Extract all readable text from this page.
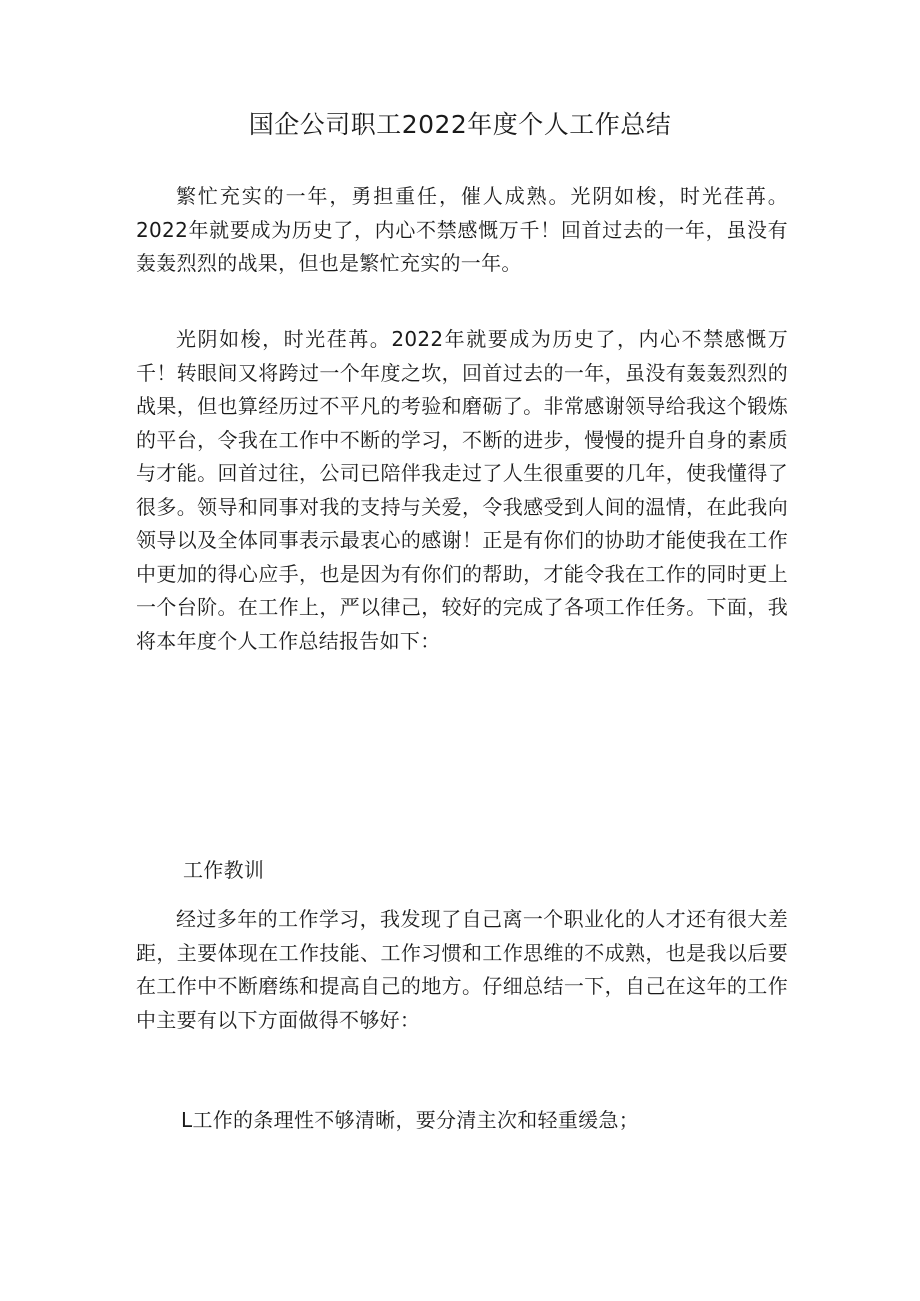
国企公司职工2022年度个人工作总结

繁忙充实的一年，勇担重任，催人成熟。光阴如梭，时光荏苒。2022年就要成为历史了，内心不禁感慨万千！回首过去的一年，虽没有轰轰烈烈的战果，但也是繁忙充实的一年。

光阴如梭，时光荏苒。2022年就要成为历史了，内心不禁感慨万千！转眼间又将跨过一个年度之坎，回首过去的一年，虽没有轰轰烈烈的战果，但也算经历过不平凡的考验和磨砺了。非常感谢领导给我这个锻炼的平台，令我在工作中不断的学习，不断的进步，慢慢的提升自身的素质与才能。回首过往，公司已陪伴我走过了人生很重要的几年，使我懂得了很多。领导和同事对我的支持与关爱，令我感受到人间的温情，在此我向领导以及全体同事表示最衷心的感谢！正是有你们的协助才能使我在工作中更加的得心应手，也是因为有你们的帮助，才能令我在工作的同时更上一个台阶。在工作上，严以律己，较好的完成了各项工作任务。下面，我将本年度个人工作总结报告如下：

工作教训

经过多年的工作学习，我发现了自己离一个职业化的人才还有很大差距，主要体现在工作技能、工作习惯和工作思维的不成熟，也是我以后要在工作中不断磨练和提高自己的地方。仔细总结一下，自己在这年的工作中主要有以下方面做得不够好：

L工作的条理性不够清晰，要分清主次和轻重缓急；
